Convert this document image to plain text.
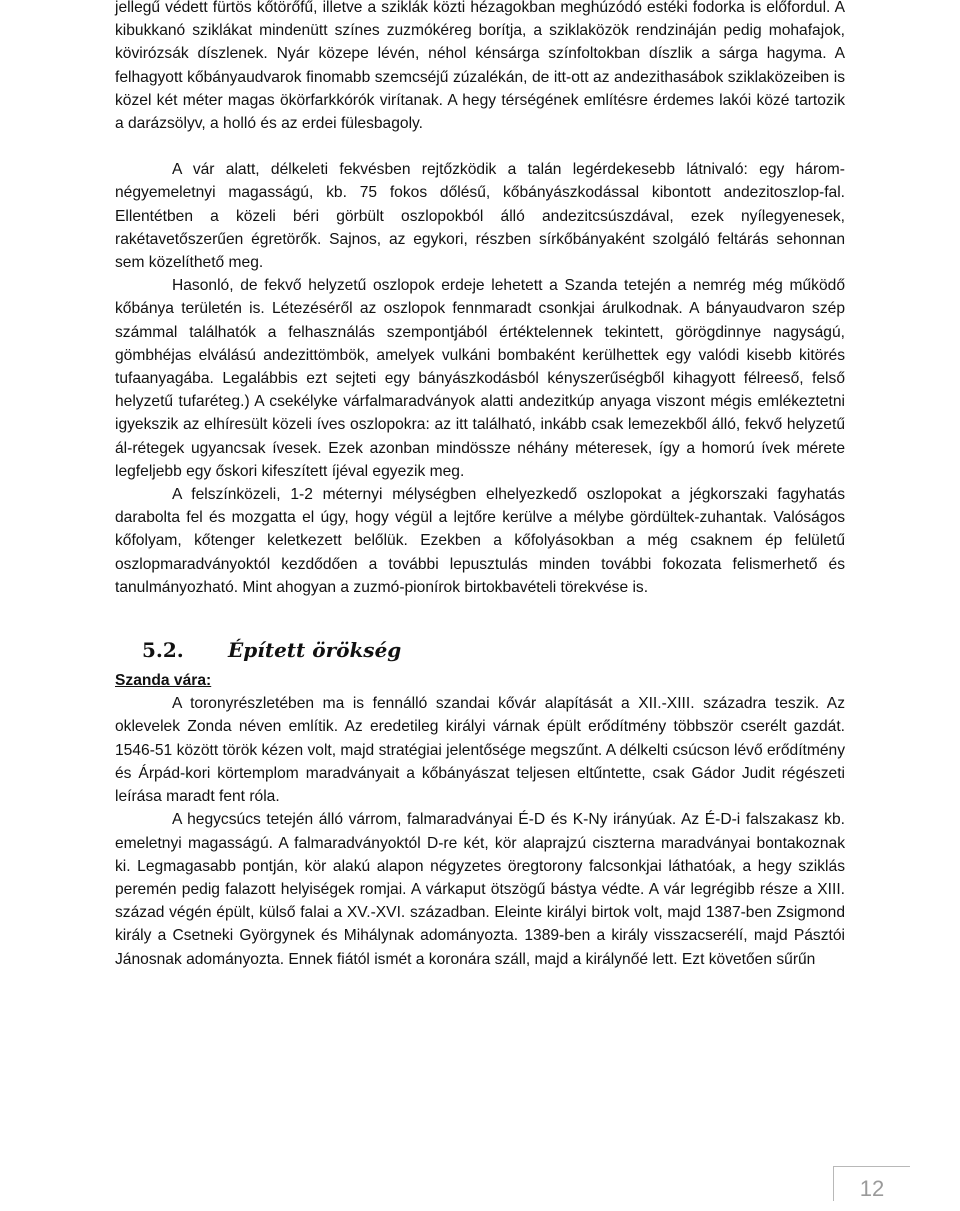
jellegű védett fürtös kőtörőfű, illetve a sziklák közti hézagokban meghúzódó estéki fodorka is előfordul. A kibukkanó sziklákat mindenütt színes zuzmókéreg borítja, a sziklaközök rendzináján pedig mohafajok, kövirózsák díszlenek. Nyár közepe lévén, néhol kénsárga színfoltokban díszlik a sárga hagyma. A felhagyott kőbányaudvarok finomabb szemcséjű zúzalékán, de itt-ott az andezithasábok sziklaközeiben is közel két méter magas ökörfarkkórók virítanak. A hegy térségének említésre érdemes lakói közé tartozik a darázsölyv, a holló és az erdei fülesbagoly.

A vár alatt, délkeleti fekvésben rejtőzködik a talán legérdekesebb látnivaló: egy három-négyemeletnyi magasságú, kb. 75 fokos dőlésű, kőbányászkodással kibontott andezitoszlop-fal. Ellentétben a közeli béri görbült oszlopokból álló andezitcsúszdával, ezek nyílegyenesek, rakétavetőszerűen égretörők. Sajnos, az egykori, részben sírkőbányaként szolgáló feltárás sehonnan sem közelíthető meg.

Hasonló, de fekvő helyzetű oszlopok erdeje lehetett a Szanda tetején a nemrég még működő kőbánya területén is. Létezéséről az oszlopok fennmaradt csonkjai árulkodnak. A bányaudvaron szép számmal találhatók a felhasználás szempontjából értéktelennek tekintett, görögdinnye nagyságú, gömbhéjas elválású andezittömbök, amelyek vulkáni bombaként kerülhettek egy valódi kisebb kitörés tufaanyagába. Legalábbis ezt sejteti egy bányászkodásból kényszerűségből kihagyott félreeső, felső helyzetű tufaréteg.) A csekélyke várfalmaradványok alatti andezitkúp anyaga viszont mégis emlékeztetni igyekszik az elhíresült közeli íves oszlopokra: az itt található, inkább csak lemezekből álló, fekvő helyzetű ál-rétegek ugyancsak ívesek. Ezek azonban mindössze néhány méteresek, így a homorú ívek mérete legfeljebb egy őskori kifeszített íjéval egyezik meg.

A felszínközeli, 1-2 méternyi mélységben elhelyezkedő oszlopokat a jégkorszaki fagyhatás darabolta fel és mozgatta el úgy, hogy végül a lejtőre kerülve a mélybe gördültek-zuhantak. Valóságos kőfolyam, kőtenger keletkezett belőlük. Ezekben a kőfolyásokban a még csaknem ép felületű oszlopmaradványoktól kezdődően a további lepusztulás minden további fokozata felismerhető és tanulmányozható. Mint ahogyan a zuzmó-pionírok birtokbavételi törekvése is.

5.2. Épített örökség

Szanda vára:

A toronyrészletében ma is fennálló szandai kővár alapítását a XII.-XIII. századra teszik. Az oklevelek Zonda néven említik. Az eredetileg királyi várnak épült erődítmény többször cserélt gazdát. 1546-51 között török kézen volt, majd stratégiai jelentősége megszűnt. A délkelti csúcson lévő erődítmény és Árpád-kori körtemplom maradványait a kőbányászat teljesen eltűntette, csak Gádor Judit régészeti leírása maradt fent róla.

A hegycsúcs tetején álló várrom, falmaradványai É-D és K-Ny irányúak. Az É-D-i falszakasz kb. emeletnyi magasságú. A falmaradványoktól D-re két, kör alaprajzú ciszterna maradványai bontakoznak ki. Legmagasabb pontján, kör alakú alapon négyzetes öregtorony falcsonkjai láthatóak, a hegy sziklás peremén pedig falazott helyiségek romjai. A várkaput ötszögű bástya védte. A vár legrégibb része a XIII. század végén épült, külső falai a XV.-XVI. században. Eleinte királyi birtok volt, majd 1387-ben Zsigmond király a Csetneki Györgynek és Mihálynak adományozta. 1389-ben a király visszacserélí, majd Pásztói Jánosnak adományozta. Ennek fiától ismét a koronára száll, majd a királynőé lett. Ezt követően sűrűn

12
